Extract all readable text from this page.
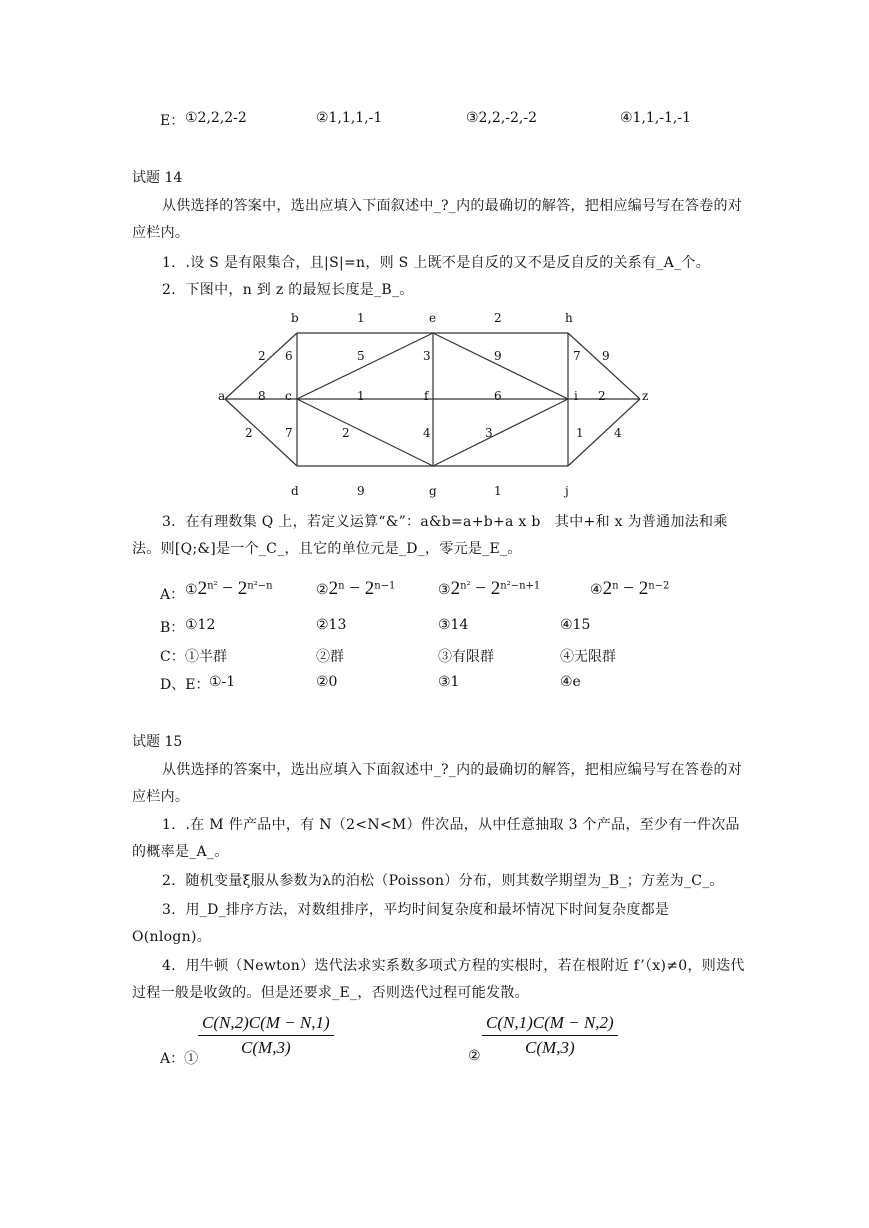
E： ①2,2,2-2	②1,1,1,-1	③2,2,-2,-2	④1,1,-1,-1
试题 14
从供选择的答案中，选出应填入下面叙述中_?_内的最确切的解答，把相应编号写在答卷的对应栏内。
1．.设 S 是有限集合，且|S|=n，则 S 上既不是自反的又不是反自反的关系有_A_个。
2．下图中，n 到 z 的最短长度是_B_。
b	e	h
a	c	f	i	z
d	g	j
1	2
2 6	5	3	9	7 9
8	1	6	2
2	7	2	4	3	1	4
9	1
3．在有理数集 Q 上，若定义运算“&”：a&b=a+b+a x b　其中+和 x 为普通加法和乘法。则[Q;&]是一个_C_，且它的单位元是_D_，零元是_E_。
A： $①2^{n^2} - 2^{n^2-n}$	$②2^n - 2^{n-1}$	$③2^{n^2} - 2^{n^2-n+1}$	$④2^n - 2^{n-2}$
B： ①12	②13	③14	④15
C： ①半群	②群	③有限群	④无限群
D、E： ①-1	②0	③1	④e
试题 15
从供选择的答案中，选出应填入下面叙述中_?_内的最确切的解答，把相应编号写在答卷的对应栏内。
1．.在 M 件产品中，有 N（2<N<M）件次品，从中任意抽取 3 个产品，至少有一件次品的概率是_A_。
2．随机变量ξ服从参数为λ的泊松（Poisson）分布，则其数学期望为_B_；方差为_C_。
3．用_D_排序方法，对数组排序，平均时间复杂度和最坏情况下时间复杂度都是 O(nlogn)。
4．用牛顿（Newton）迭代法求实系数多项式方程的实根时，若在根附近 f’（x)≠0，则迭代过程一般是收敛的。但是还要求_E_，否则迭代过程可能发散。
A：①
$\frac{C(N,2)C(M - N,1)}{C(M,3)}$	② $\frac{C(N,1)C(M - N,2)}{C(M,3)}$
